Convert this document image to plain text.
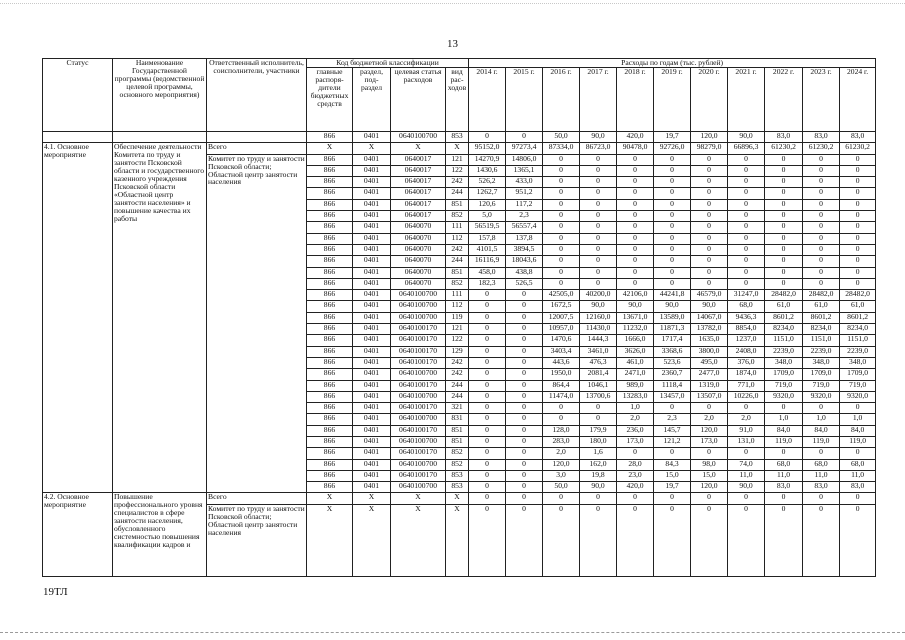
13
Статус	Наименование Государственной программы (ведомственной целевой программы, основного мероприятия)	Ответственный исполнитель, соисполнители, участники	Код бюджетной классификации				Расходы по годам (тыс. рублей)										
			главные распоря-дители бюджетных средств	раздел, под-раздел	целевая статья расходов	вид рас-ходов	2014 г.	2015 г.	2016 г.	2017 г.	2018 г.	2019 г.	2020 г.	2021 г.	2022 г.	2023 г.	2024 г.
			866	0401	0640100700	853	0	0	50,0	90,0	420,0	19,7	120,0	90,0	83,0	83,0	83,0
4.1. Основное мероприятие	Обеспечение деятельности Комитета по труду и занятости Псковской области и государственного казенного учреждения Псковской области «Областной центр занятости населения» и повышение качества их работы	Всего	X	X	X	X	95152,0	97273,4	87334,0	86723,0	90478,0	92726,0	98279,0	66896,3	61230,2	61230,2	61230,2
		Комитет по труду и занятости Псковской области; Областной центр занятости населения	866	0401	0640017	121	14270,9	14806,0	0	0	0	0	0	0	0	0	0
			866	0401	0640017	122	1430,6	1365,1	0	0	0	0	0	0	0	0	0
			866	0401	0640017	242	526,2	433,0	0	0	0	0	0	0	0	0	0
			866	0401	0640017	244	1262,7	951,2	0	0	0	0	0	0	0	0	0
			866	0401	0640017	851	120,6	117,2	0	0	0	0	0	0	0	0	0
			866	0401	0640017	852	5,0	2,3	0	0	0	0	0	0	0	0	0
			866	0401	0640070	111	56519,5	56557,4	0	0	0	0	0	0	0	0	0
			866	0401	0640070	112	157,8	137,8	0	0	0	0	0	0	0	0	0
			866	0401	0640070	242	4101,5	3894,5	0	0	0	0	0	0	0	0	0
			866	0401	0640070	244	16116,9	18043,6	0	0	0	0	0	0	0	0	0
			866	0401	0640070	851	458,0	438,8	0	0	0	0	0	0	0	0	0
			866	0401	0640070	852	182,3	526,5	0	0	0	0	0	0	0	0	0
			866	0401	0640100700	111	0	0	42505,0	40200,0	42106,0	44241,8	46579,0	31247,0	28482,0	28482,0	28482,0
			866	0401	0640100700	112	0	0	1672,5	90,0	90,0	90,0	90,0	68,0	61,0	61,0	61,0
			866	0401	0640100700	119	0	0	12007,5	12160,0	13671,0	13589,0	14067,0	9436,3	8601,2	8601,2	8601,2
			866	0401	0640100170	121	0	0	10957,0	11430,0	11232,0	11871,3	13782,0	8854,0	8234,0	8234,0	8234,0
			866	0401	0640100170	122	0	0	1470,6	1444,3	1666,0	1717,4	1635,0	1237,0	1151,0	1151,0	1151,0
			866	0401	0640100170	129	0	0	3403,4	3461,0	3626,0	3368,6	3800,0	2408,0	2239,0	2239,0	2239,0
			866	0401	0640100170	242	0	0	443,6	476,3	461,0	523,6	495,0	376,0	348,0	348,0	348,0
			866	0401	0640100700	242	0	0	1950,0	2081,4	2471,0	2360,7	2477,0	1874,0	1709,0	1709,0	1709,0
			866	0401	0640100170	244	0	0	864,4	1046,1	989,0	1118,4	1319,0	771,0	719,0	719,0	719,0
			866	0401	0640100700	244	0	0	11474,0	13700,6	13283,0	13457,0	13507,0	10226,0	9320,0	9320,0	9320,0
			866	0401	0640100170	321	0	0	0	0	1,0	0	0	0	0	0	0
			866	0401	0640100700	831	0	0	0	0	2,0	2,3	2,0	2,0	1,0	1,0	1,0
			866	0401	0640100170	851	0	0	128,0	179,9	236,0	145,7	120,0	91,0	84,0	84,0	84,0
			866	0401	0640100700	851	0	0	283,0	180,0	173,0	121,2	173,0	131,0	119,0	119,0	119,0
			866	0401	0640100170	852	0	0	2,0	1,6	0	0	0	0	0	0	0
			866	0401	0640100700	852	0	0	120,0	162,0	28,0	84,3	98,0	74,0	68,0	68,0	68,0
			866	0401	0640100170	853	0	0	3,0	19,8	23,0	15,0	15,0	11,0	11,0	11,0	11,0
			866	0401	0640100700	853	0	0	50,0	90,0	420,0	19,7	120,0	90,0	83,0	83,0	83,0
4.2. Основное мероприятие	Повышение профессионального уровня специалистов в сфере занятости населения, обусловленного системностью повышения квалификации кадров и	Всего	X	X	X	X	0	0	0	0	0	0	0	0	0	0	0
		Комитет по труду и занятости Псковской области; Областной центр занятости населения	X	X	X	X	0	0	0	0	0	0	0	0	0	0	0
19ТЛ
